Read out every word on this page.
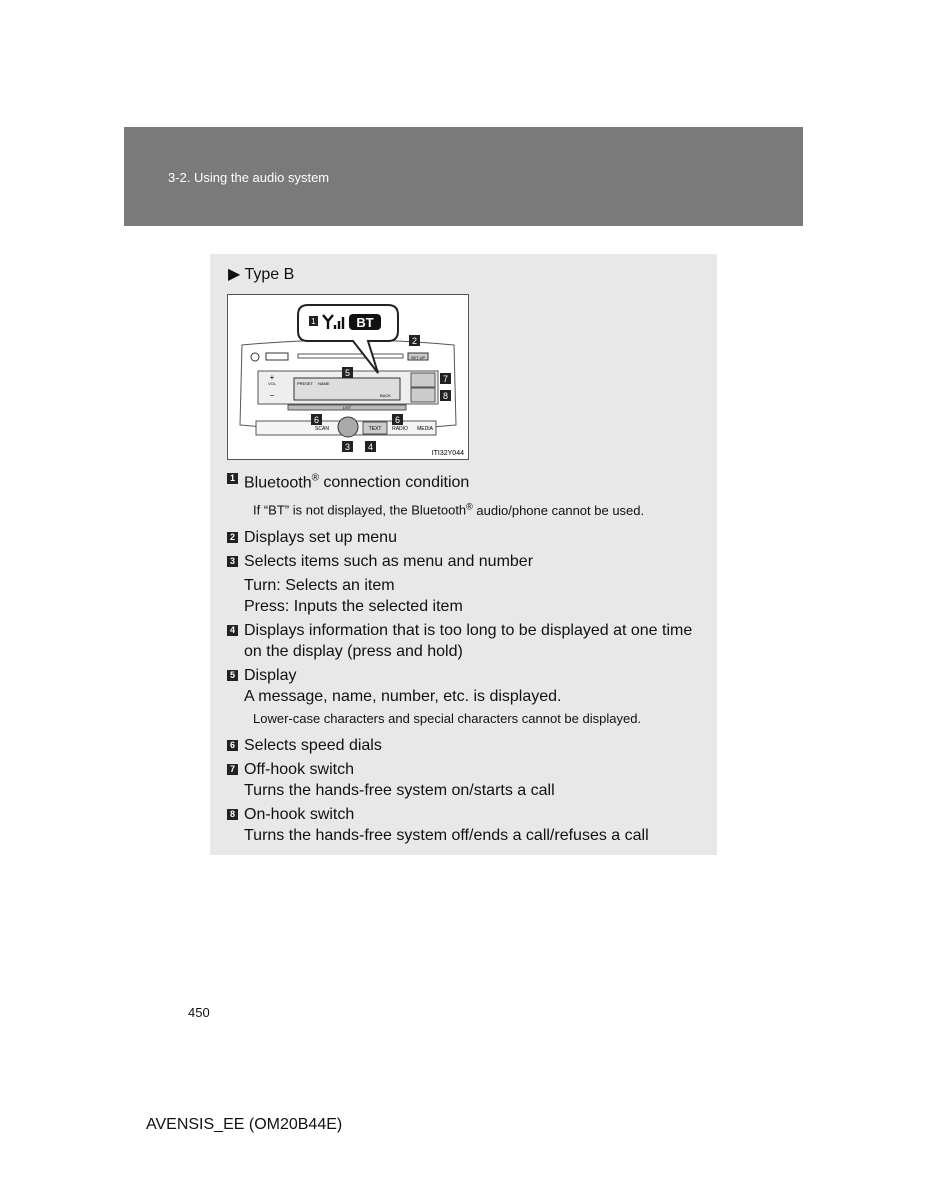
3-2. Using the audio system
▶ Type B
SET UP
PRESET NAME
BACK
+
VOL
−
LIST
SCAN	TEXT RADIO MEDIA
1	BT
2
5
7
8
6	6
3 4
ITI32Y044
1 Bluetooth® connection condition
If “BT” is not displayed, the Bluetooth® audio/phone cannot be used.
2 Displays set up menu
3 Selects items such as menu and number
Turn: Selects an item
Press: Inputs the selected item
4 Displays information that is too long to be displayed at one time
on the display (press and hold)
5 Display
A message, name, number, etc. is displayed.
Lower-case characters and special characters cannot be displayed.
6 Selects speed dials
7 Off-hook switch
Turns the hands-free system on/starts a call
8 On-hook switch
Turns the hands-free system off/ends a call/refuses a call
450
AVENSIS_EE (OM20B44E)
